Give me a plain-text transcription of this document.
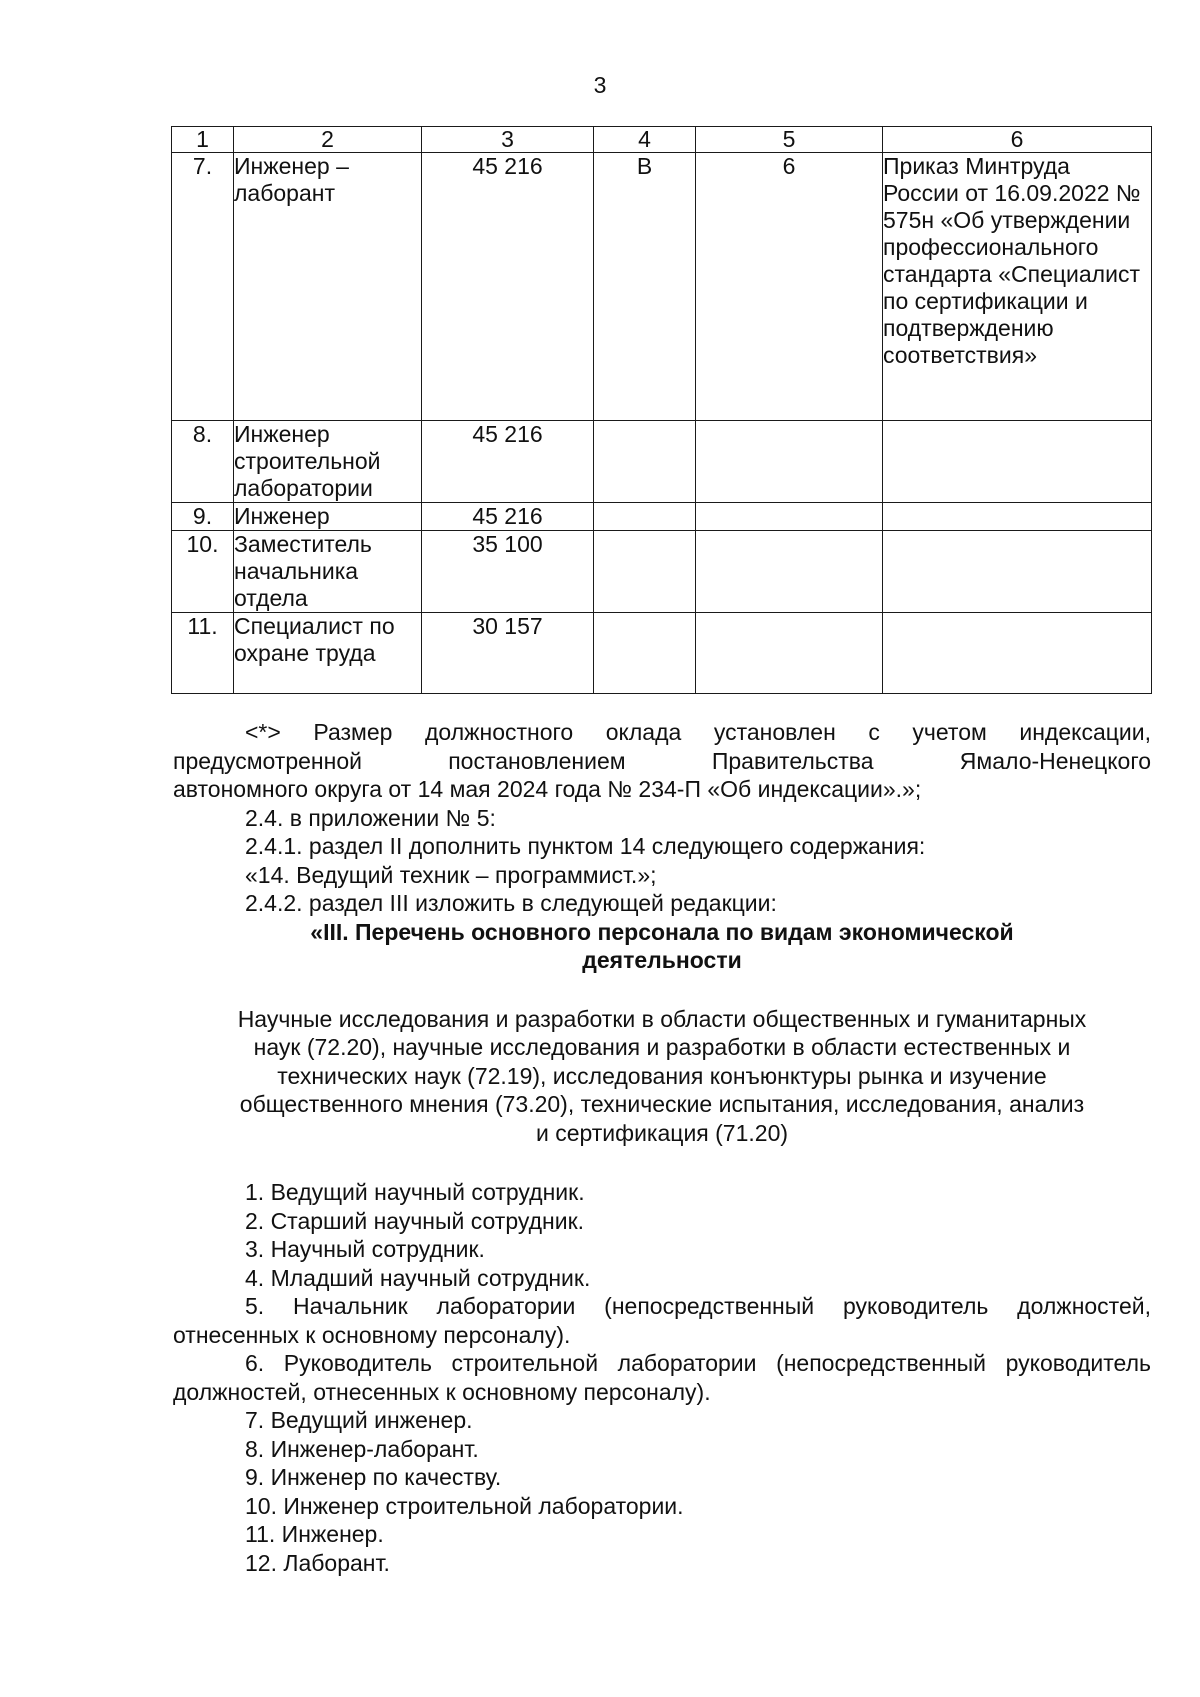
3
1	2	3	4	5	6
7.	Инженер – лаборант	45 216	В	6	Приказ Минтруда России от 16.09.2022 № 575н «Об утверждении профессионального стандарта «Специалист по сертификации и подтверждению соответствия»
8.	Инженер строительной лаборатории	45 216			
9.	Инженер	45 216			
10.	Заместитель начальника отдела	35 100			
11.	Специалист по охране труда	30 157			

<*> Размер должностного оклада установлен с учетом индексации,

предусмотренной постановлением Правительства Ямало-Ненецкого

автономного округа от 14 мая 2024 года № 234-П «Об индексации».»;

2.4. в приложении № 5:

2.4.1. раздел II дополнить пунктом 14 следующего содержания:

«14. Ведущий техник – программист.»;

2.4.2. раздел III изложить в следующей редакции:

«III. Перечень основного персонала по видам экономической

деятельности

Научные исследования и разработки в области общественных и гуманитарных

наук (72.20), научные исследования и разработки в области естественных и

технических наук (72.19), исследования конъюнктуры рынка и изучение

общественного мнения (73.20), технические испытания, исследования, анализ

и сертификация (71.20)

1. Ведущий научный сотрудник.

2. Старший научный сотрудник.

3. Научный сотрудник.

4. Младший научный сотрудник.

5. Начальник лаборатории (непосредственный руководитель должностей, отнесенных к основному персоналу).

6. Руководитель строительной лаборатории (непосредственный руководитель должностей, отнесенных к основному персоналу).

7. Ведущий инженер.

8. Инженер-лаборант.

9. Инженер по качеству.

10. Инженер строительной лаборатории.

11. Инженер.

12. Лаборант.
